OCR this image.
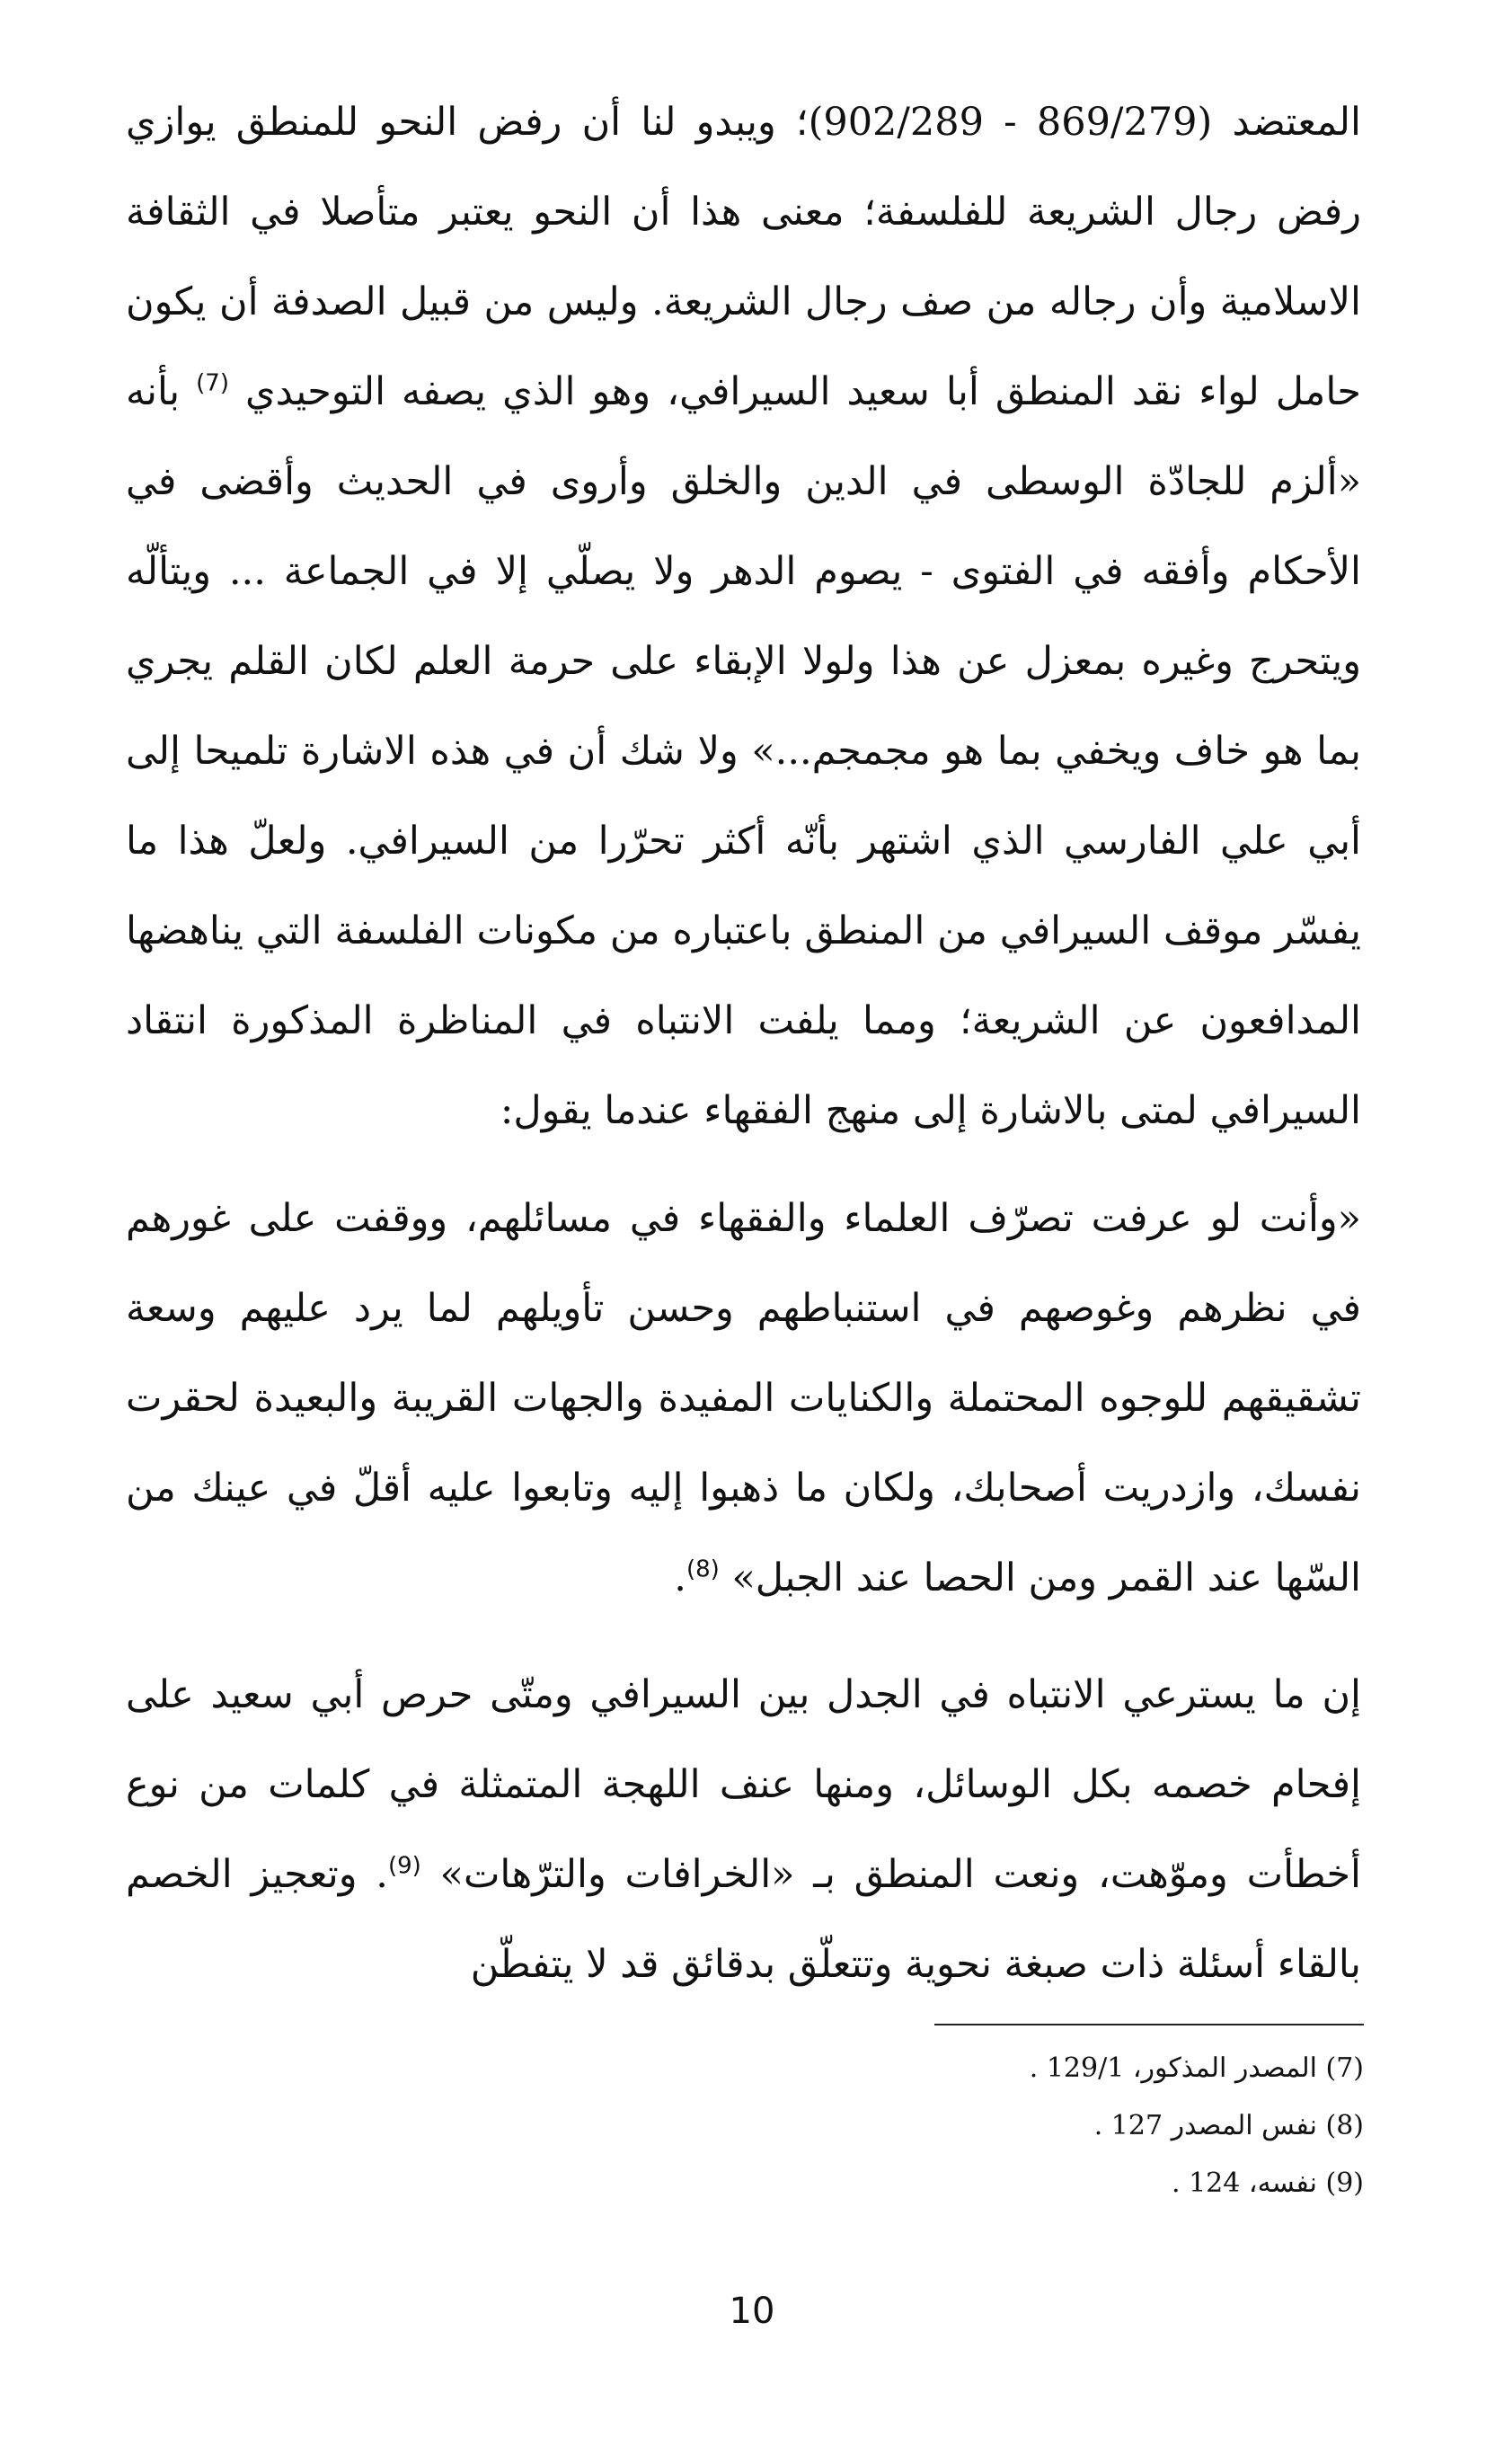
المعتضد (869/279 - 902/289)؛ ويبدو لنا أن رفض النحو للمنطق يوازي رفض رجال الشريعة للفلسفة؛ معنى هذا أن النحو يعتبر متأصلا في الثقافة الاسلامية وأن رجاله من صف رجال الشريعة. وليس من قبيل الصدفة أن يكون حامل لواء نقد المنطق أبا سعيد السيرافي، وهو الذي يصفه التوحيدي $^{(7)}$ بأنه «ألزم للجادّة الوسطى في الدين والخلق وأروى في الحديث وأقضى في الأحكام وأفقه في الفتوى - يصوم الدهر ولا يصلّي إلا في الجماعة ... ويتألّه ويتحرج وغيره بمعزل عن هذا ولولا الإبقاء على حرمة العلم لكان القلم يجري بما هو خاف ويخفي بما هو مجمجم...» ولا شك أن في هذه الاشارة تلميحا إلى أبي علي الفارسي الذي اشتهر بأنّه أكثر تحرّرا من السيرافي. ولعلّ هذا ما يفسّر موقف السيرافي من المنطق باعتباره من مكونات الفلسفة التي يناهضها المدافعون عن الشريعة؛ ومما يلفت الانتباه في المناظرة المذكورة انتقاد السيرافي لمتى بالاشارة إلى منهج الفقهاء عندما يقول:

«وأنت لو عرفت تصرّف العلماء والفقهاء في مسائلهم، ووقفت على غورهم في نظرهم وغوصهم في استنباطهم وحسن تأويلهم لما يرد عليهم وسعة تشقيقهم للوجوه المحتملة والكنايات المفيدة والجهات القريبة والبعيدة لحقرت نفسك، وازدريت أصحابك، ولكان ما ذهبوا إليه وتابعوا عليه أقلّ في عينك من السّها عند القمر ومن الحصا عند الجبل» $^{(8)}$.

إن ما يسترعي الانتباه في الجدل بين السيرافي ومتّى حرص أبي سعيد على إفحام خصمه بكل الوسائل، ومنها عنف اللهجة المتمثلة في كلمات من نوع أخطأت وموّهت، ونعت المنطق بـ «الخرافات والترّهات» $^{(9)}$. وتعجيز الخصم بالقاء أسئلة ذات صبغة نحوية وتتعلّق بدقائق قد لا يتفطّن

(7) المصدر المذكور، 129/1 .
(8) نفس المصدر 127 .
(9) نفسه، 124 .
10
